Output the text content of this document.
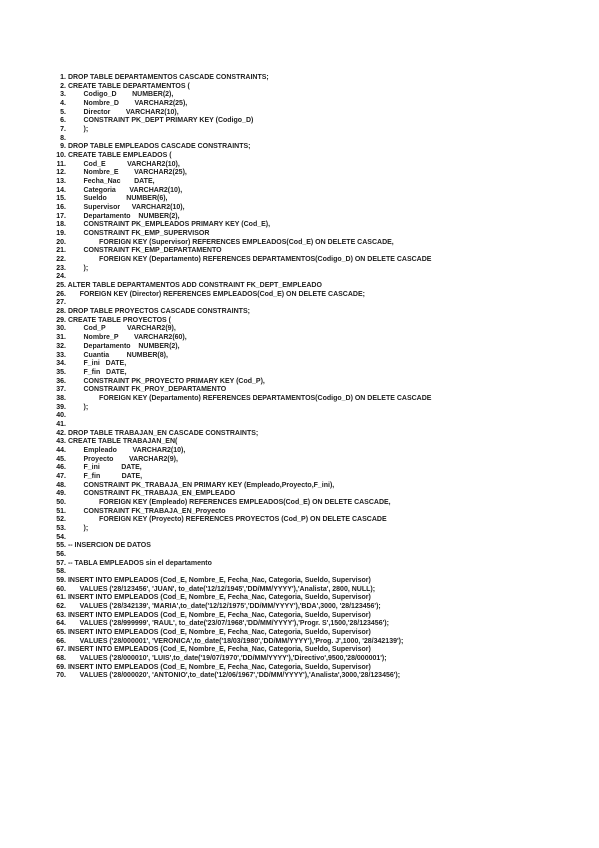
1. DROP TABLE DEPARTAMENTOS CASCADE CONSTRAINTS;
2. CREATE TABLE DEPARTAMENTOS (
3.         Codigo_D        NUMBER(2),
4.         Nombre_D        VARCHAR2(25),
5.         Director        VARCHAR2(10),
6.         CONSTRAINT PK_DEPT PRIMARY KEY (Codigo_D)
7.         );
8.
9. DROP TABLE EMPLEADOS CASCADE CONSTRAINTS;
10. CREATE TABLE EMPLEADOS (
11.         Cod_E           VARCHAR2(10),
12.         Nombre_E        VARCHAR2(25),
13.         Fecha_Nac       DATE,
14.         Categoria       VARCHAR2(10),
15.         Sueldo          NUMBER(6),
16.         Supervisor      VARCHAR2(10),
17.         Departamento    NUMBER(2),
18.         CONSTRAINT PK_EMPLEADOS PRIMARY KEY (Cod_E),
19.         CONSTRAINT FK_EMP_SUPERVISOR
20.                 FOREIGN KEY (Supervisor) REFERENCES EMPLEADOS(Cod_E) ON DELETE CASCADE,
21.         CONSTRAINT FK_EMP_DEPARTAMENTO
22.                 FOREIGN KEY (Departamento) REFERENCES DEPARTAMENTOS(Codigo_D) ON DELETE CASCADE
23.         );
24.
25. ALTER TABLE DEPARTAMENTOS ADD CONSTRAINT FK_DEPT_EMPLEADO
26.       FOREIGN KEY (Director) REFERENCES EMPLEADOS(Cod_E) ON DELETE CASCADE;
27.
28. DROP TABLE PROYECTOS CASCADE CONSTRAINTS;
29. CREATE TABLE PROYECTOS (
30.         Cod_P           VARCHAR2(9),
31.         Nombre_P        VARCHAR2(60),
32.         Departamento    NUMBER(2),
33.         Cuantia         NUMBER(8),
34.         F_ini   DATE,
35.         F_fin   DATE,
36.         CONSTRAINT PK_PROYECTO PRIMARY KEY (Cod_P),
37.         CONSTRAINT FK_PROY_DEPARTAMENTO
38.                 FOREIGN KEY (Departamento) REFERENCES DEPARTAMENTOS(Codigo_D) ON DELETE CASCADE
39.         );
40.
41.
42. DROP TABLE TRABAJAN_EN CASCADE CONSTRAINTS;
43. CREATE TABLE TRABAJAN_EN(
44.         Empleado        VARCHAR2(10),
45.         Proyecto        VARCHAR2(9),
46.         F_ini           DATE,
47.         F_fin           DATE,
48.         CONSTRAINT PK_TRABAJA_EN PRIMARY KEY (Empleado,Proyecto,F_ini),
49.         CONSTRAINT FK_TRABAJA_EN_EMPLEADO
50.                 FOREIGN KEY (Empleado) REFERENCES EMPLEADOS(Cod_E) ON DELETE CASCADE,
51.         CONSTRAINT FK_TRABAJA_EN_Proyecto
52.                 FOREIGN KEY (Proyecto) REFERENCES PROYECTOS (Cod_P) ON DELETE CASCADE
53.         );
54.
55. -- INSERCION DE DATOS
56.
57. -- TABLA EMPLEADOS sin el departamento
58.
59. INSERT INTO EMPLEADOS (Cod_E, Nombre_E, Fecha_Nac, Categoria, Sueldo, Supervisor)
60.       VALUES ('28/123456', 'JUAN', to_date('12/12/1945','DD/MM/YYYY'),'Analista', 2800, NULL);
61. INSERT INTO EMPLEADOS (Cod_E, Nombre_E, Fecha_Nac, Categoria, Sueldo, Supervisor)
62.       VALUES ('28/342139', 'MARIA',to_date('12/12/1975','DD/MM/YYYY'),'BDA',3000, '28/123456');
63. INSERT INTO EMPLEADOS (Cod_E, Nombre_E, Fecha_Nac, Categoria, Sueldo, Supervisor)
64.       VALUES ('28/999999', 'RAUL', to_date('23/07/1968','DD/MM/YYYY'),'Progr. S',1500,'28/123456');
65. INSERT INTO EMPLEADOS (Cod_E, Nombre_E, Fecha_Nac, Categoria, Sueldo, Supervisor)
66.       VALUES ('28/000001', 'VERONICA',to_date('18/03/1980','DD/MM/YYYY'),'Prog. J',1000, '28/342139');
67. INSERT INTO EMPLEADOS (Cod_E, Nombre_E, Fecha_Nac, Categoria, Sueldo, Supervisor)
68.       VALUES ('28/000010', 'LUIS',to_date('19/07/1970','DD/MM/YYYY'),'Directivo',9500,'28/000001');
69. INSERT INTO EMPLEADOS (Cod_E, Nombre_E, Fecha_Nac, Categoria, Sueldo, Supervisor)
70.       VALUES ('28/000020', 'ANTONIO',to_date('12/06/1967','DD/MM/YYYY'),'Analista',3000,'28/123456');
